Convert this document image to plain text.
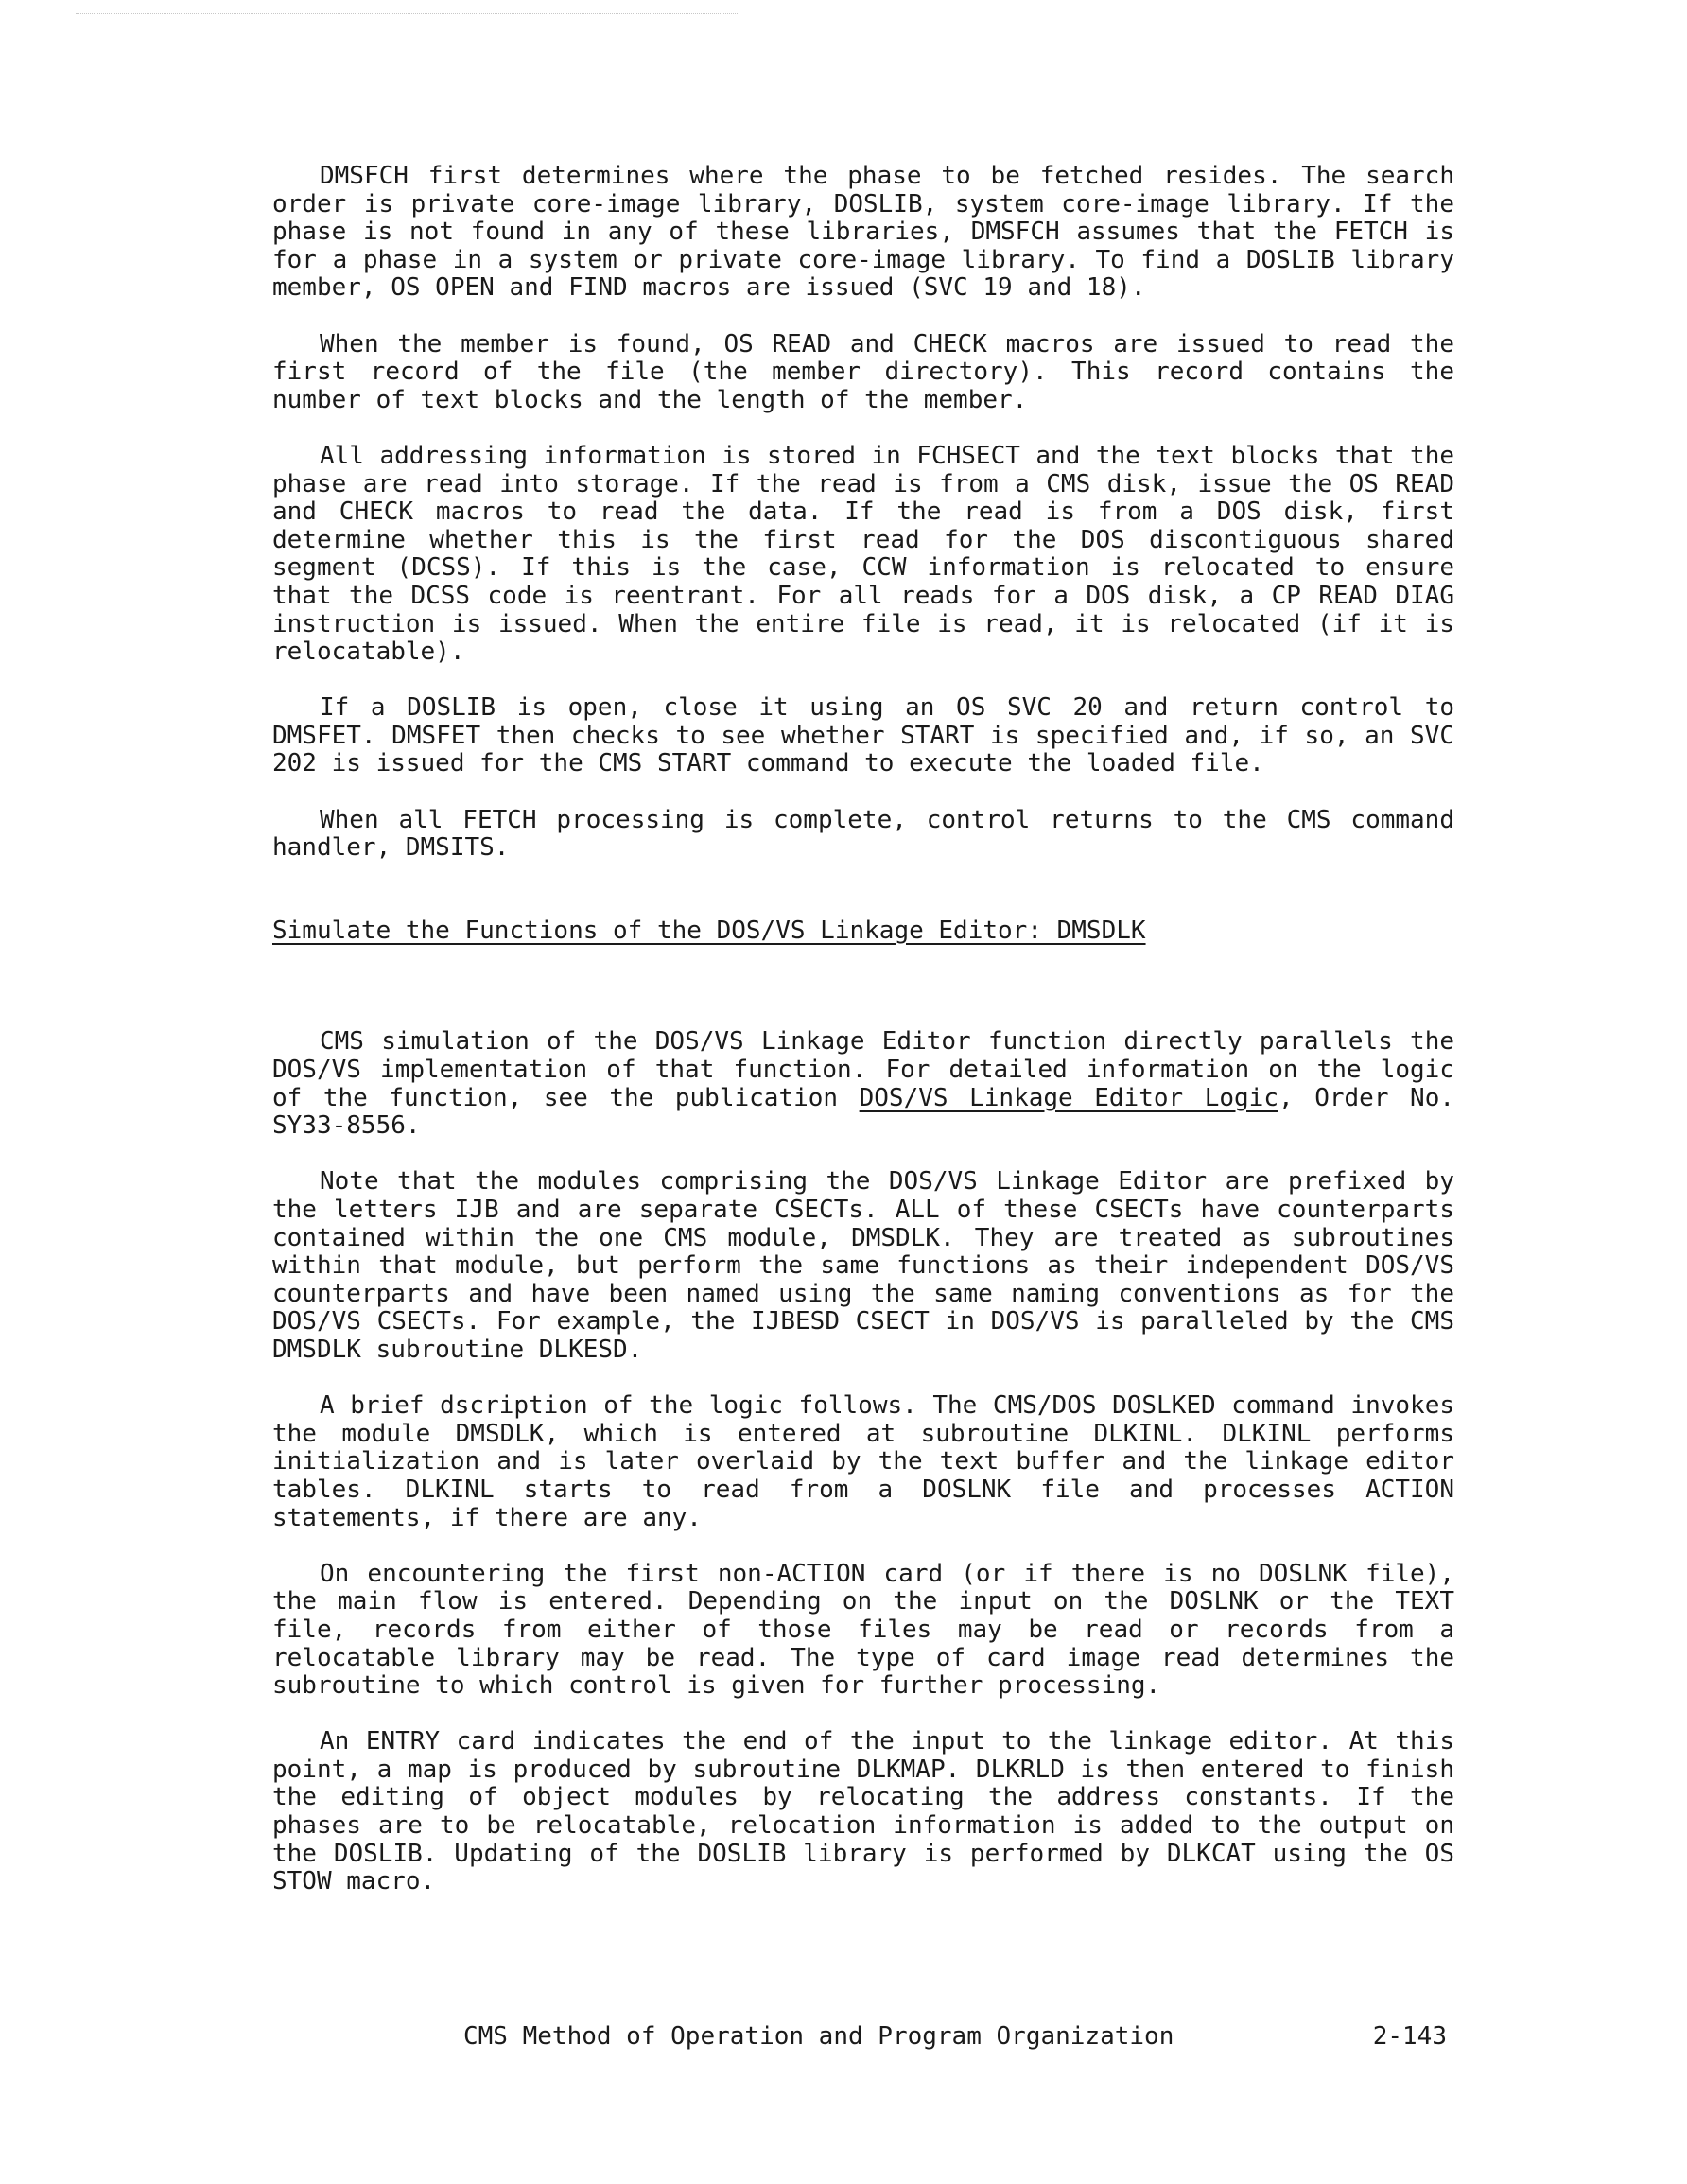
DMSFCH first determines where the phase to be fetched resides. The search order is private core-image library, DOSLIB, system core-image library. If the phase is not found in any of these libraries, DMSFCH assumes that the FETCH is for a phase in a system or private core-image library. To find a DOSLIB library member, OS OPEN and FIND macros are issued (SVC 19 and 18).

When the member is found, OS READ and CHECK macros are issued to read the first record of the file (the member directory). This record contains the number of text blocks and the length of the member.

All addressing information is stored in FCHSECT and the text blocks that the phase are read into storage. If the read is from a CMS disk, issue the OS READ and CHECK macros to read the data. If the read is from a DOS disk, first determine whether this is the first read for the DOS discontiguous shared segment (DCSS). If this is the case, CCW information is relocated to ensure that the DCSS code is reentrant. For all reads for a DOS disk, a CP READ DIAG instruction is issued. When the entire file is read, it is relocated (if it is relocatable).

If a DOSLIB is open, close it using an OS SVC 20 and return control to DMSFET. DMSFET then checks to see whether START is specified and, if so, an SVC 202 is issued for the CMS START command to execute the loaded file.

When all FETCH processing is complete, control returns to the CMS command handler, DMSITS.

Simulate the Functions of the DOS/VS Linkage Editor: DMSDLK

CMS simulation of the DOS/VS Linkage Editor function directly parallels the DOS/VS implementation of that function. For detailed information on the logic of the function, see the publication DOS/VS Linkage Editor Logic, Order No. SY33-8556.

Note that the modules comprising the DOS/VS Linkage Editor are prefixed by the letters IJB and are separate CSECTs. ALL of these CSECTs have counterparts contained within the one CMS module, DMSDLK. They are treated as subroutines within that module, but perform the same functions as their independent DOS/VS counterparts and have been named using the same naming conventions as for the DOS/VS CSECTs. For example, the IJBESD CSECT in DOS/VS is paralleled by the CMS DMSDLK subroutine DLKESD.

A brief dscription of the logic follows. The CMS/DOS DOSLKED command invokes the module DMSDLK, which is entered at subroutine DLKINL. DLKINL performs initialization and is later overlaid by the text buffer and the linkage editor tables. DLKINL starts to read from a DOSLNK file and processes ACTION statements, if there are any.

On encountering the first non-ACTION card (or if there is no DOSLNK file), the main flow is entered. Depending on the input on the DOSLNK or the TEXT file, records from either of those files may be read or records from a relocatable library may be read. The type of card image read determines the subroutine to which control is given for further processing.

An ENTRY card indicates the end of the input to the linkage editor. At this point, a map is produced by subroutine DLKMAP. DLKRLD is then entered to finish the editing of object modules by relocating the address constants. If the phases are to be relocatable, relocation information is added to the output on the DOSLIB. Updating of the DOSLIB library is performed by DLKCAT using the OS STOW macro.

CMS Method of Operation and Program Organization	2-143
